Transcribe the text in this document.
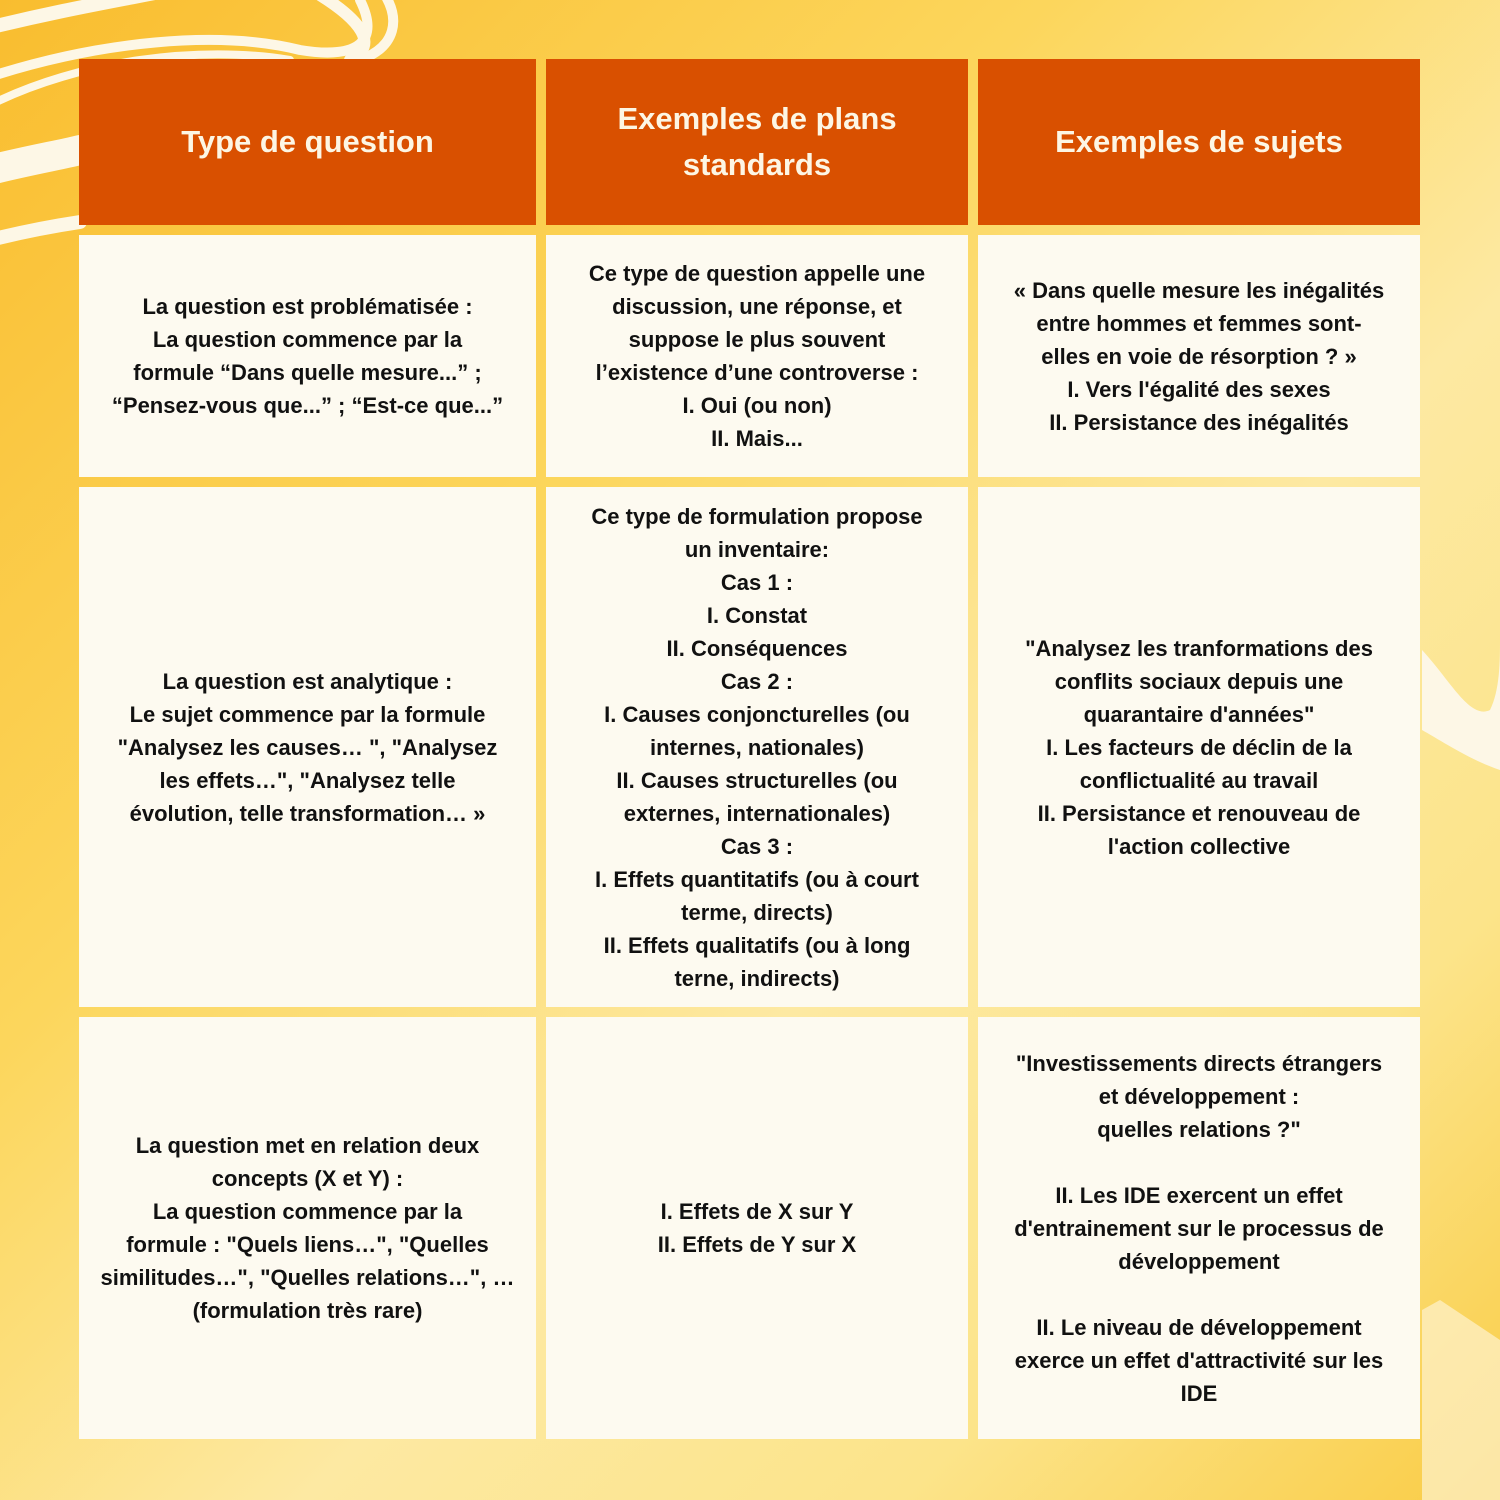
Type de question
Exemples de plans standards
Exemples de sujets
La question est problématisée :
La question commence par la
formule “Dans quelle mesure...” ;
“Pensez-vous que...” ; “Est-ce que...”
Ce type de question appelle une
discussion, une réponse, et
suppose le plus souvent
l’existence d’une controverse :
I. Oui (ou non)
II. Mais...
« Dans quelle mesure les inégalités
entre hommes et femmes sont-
elles en voie de résorption ? »
I. Vers l'égalité des sexes
II. Persistance des inégalités
La question est analytique :
Le sujet commence par la formule
"Analysez les causes… ", "Analysez
les effets…", "Analysez telle
évolution, telle transformation… »
Ce type de formulation propose
un inventaire:
Cas 1 :
I. Constat
II. Conséquences
Cas 2 :
I. Causes conjoncturelles (ou
internes, nationales)
II. Causes structurelles (ou
externes, internationales)
Cas 3 :
I. Effets quantitatifs (ou à court
terme, directs)
II. Effets qualitatifs (ou à long
terne, indirects)
"Analysez les tranformations des
conflits sociaux depuis une
quarantaire d'années"
I. Les facteurs de déclin de la
conflictualité au travail
II. Persistance et renouveau de
l'action collective
La question met en relation deux
concepts (X et Y) :
La question commence par la
formule : "Quels liens…", "Quelles
similitudes…", "Quelles relations…", …
(formulation très rare)
I. Effets de X sur Y
II. Effets de Y sur X
"Investissements directs étrangers
et développement :
quelles relations ?"
II. Les IDE exercent un effet
d'entrainement sur le processus de
développement
II. Le niveau de développement
exerce un effet d'attractivité sur les
IDE
